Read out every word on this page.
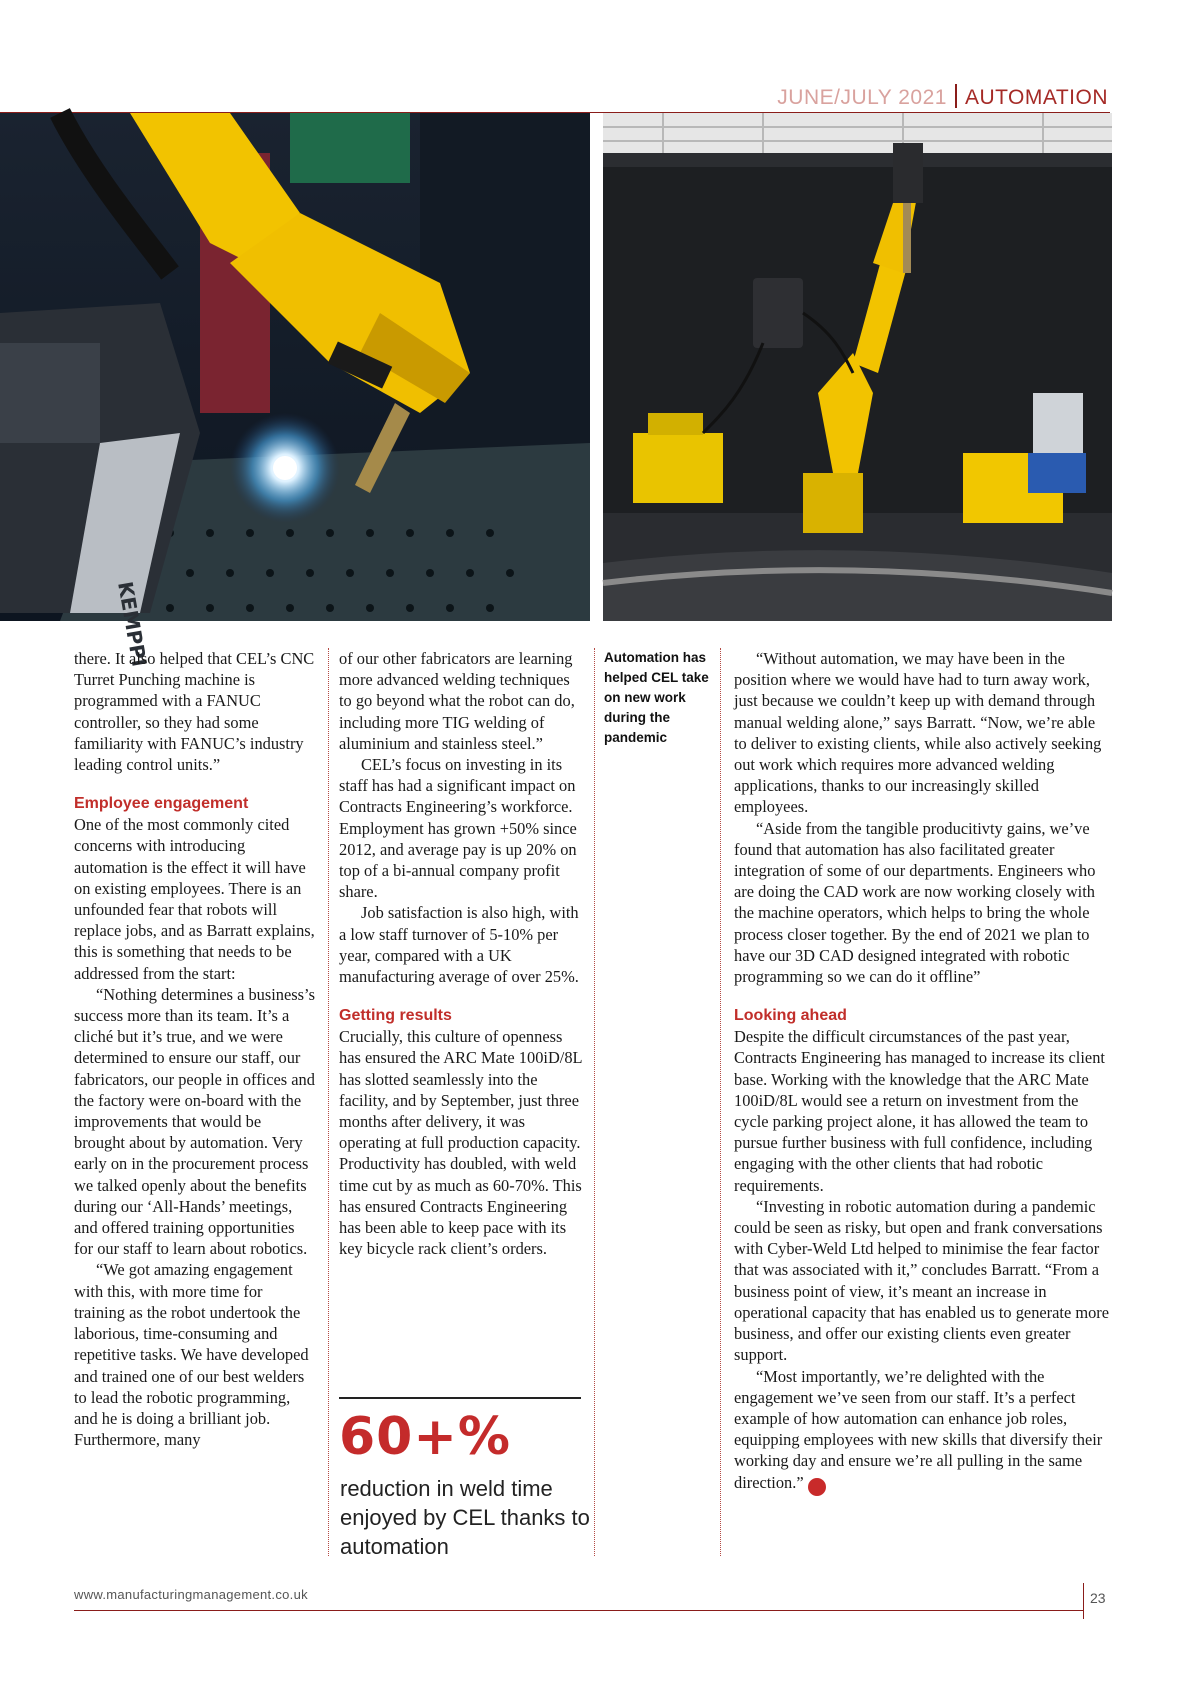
JUNE/JULY 2021 AUTOMATION
KEMPPI

there. It also helped that CEL’s CNC Turret Punching machine is programmed with a FANUC controller, so they had some familiarity with FANUC’s industry leading control units.”

Employee engagement

One of the most commonly cited concerns with introducing automation is the effect it will have on existing employees. There is an unfounded fear that robots will replace jobs, and as Barratt explains, this is something that needs to be addressed from the start:

“Nothing determines a business’s success more than its team. It’s a cliché but it’s true, and we were determined to ensure our staff, our fabricators, our people in offices and the factory were on-board with the improvements that would be brought about by automation. Very early on in the procurement process we talked openly about the benefits during our ‘All-Hands’ meetings, and offered training opportunities for our staff to learn about robotics.

“We got amazing engagement with this, with more time for training as the robot undertook the laborious, time-consuming and repetitive tasks. We have developed and trained one of our best welders to lead the robotic programming, and he is doing a brilliant job. Furthermore, many

of our other fabricators are learning more advanced welding techniques to go beyond what the robot can do, including more TIG welding of aluminium and stainless steel.”

CEL’s focus on investing in its staff has had a significant impact on Contracts Engineering’s workforce. Employment has grown +50% since 2012, and average pay is up 20% on top of a bi-annual company profit share.

Job satisfaction is also high, with a low staff turnover of 5-10% per year, compared with a UK manufacturing average of over 25%.

Getting results

Crucially, this culture of openness has ensured the ARC Mate 100iD/8L has slotted seamlessly into the facility, and by September, just three months after delivery, it was operating at full production capacity. Productivity has doubled, with weld time cut by as much as 60-70%. This has ensured Contracts Engineering has been able to keep pace with its key bicycle rack client’s orders.

Automation has helped CEL take on new work during the pandemic

“Without automation, we may have been in the position where we would have had to turn away work, just because we couldn’t keep up with demand through manual welding alone,” says Barratt. “Now, we’re able to deliver to existing clients, while also actively seeking out work which requires more advanced welding applications, thanks to our increasingly skilled employees.

“Aside from the tangible producitivty gains, we’ve found that automation has also facilitated greater integration of some of our departments. Engineers who are doing the CAD work are now working closely with the machine operators, which helps to bring the whole process closer together. By the end of 2021 we plan to have our 3D CAD designed integrated with robotic programming so we can do it offline”

Looking ahead

Despite the difficult circumstances of the past year, Contracts Engineering has managed to increase its client base. Working with the knowledge that the ARC Mate 100iD/8L would see a return on investment from the cycle parking project alone, it has allowed the team to pursue further business with full confidence, including engaging with the other clients that had robotic requirements.

“Investing in robotic automation during a pandemic could be seen as risky, but open and frank conversations with Cyber-Weld Ltd helped to minimise the fear factor that was associated with it,” concludes Barratt. “From a business point of view, it’s meant an increase in operational capacity that has enabled us to generate more business, and offer our existing clients even greater support.

“Most importantly, we’re delighted with the engagement we’ve seen from our staff. It’s a perfect example of how automation can enhance job roles, equipping employees with new skills that diversify their working day and ensure we’re all pulling in the same direction.” M

60+%
reduction in weld time enjoyed by CEL thanks to automation
www.manufacturingmanagement.co.uk	23
